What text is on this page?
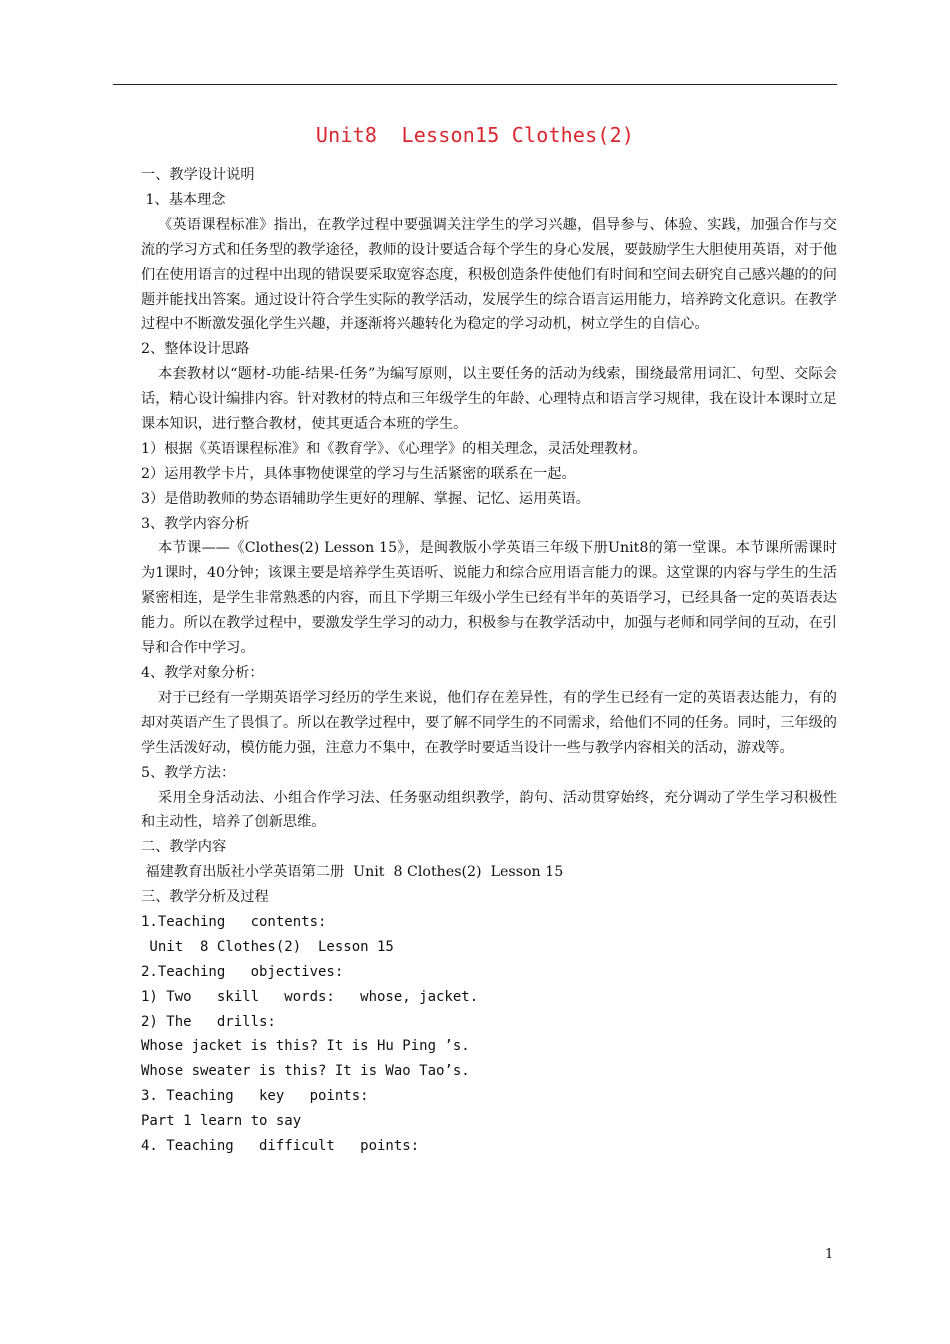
Unit8  Lesson15 Clothes(2)
一、教学设计说明
1、基本理念

《英语课程标准》指出，在教学过程中要强调关注学生的学习兴趣，倡导参与、体验、实践，加强合作与交流的学习方式和任务型的教学途径，教师的设计要适合每个学生的身心发展，要鼓励学生大胆使用英语，对于他们在使用语言的过程中出现的错误要采取宽容态度，积极创造条件使他们有时间和空间去研究自己感兴趣的的问题并能找出答案。通过设计符合学生实际的教学活动，发展学生的综合语言运用能力，培养跨文化意识。在教学过程中不断激发强化学生兴趣，并逐渐将兴趣转化为稳定的学习动机，树立学生的自信心。

2、整体设计思路

本套教材以“题材-功能-结果-任务”为编写原则，以主要任务的活动为线索，围绕最常用词汇、句型、交际会话，精心设计编排内容。针对教材的特点和三年级学生的年龄、心理特点和语言学习规律，我在设计本课时立足课本知识，进行整合教材，使其更适合本班的学生。

1）根据《英语课程标准》和《教育学》、《心理学》的相关理念，灵活处理教材。
2）运用教学卡片，具体事物使课堂的学习与生活紧密的联系在一起。
3）是借助教师的势态语辅助学生更好的理解、掌握、记忆、运用英语。
3、教学内容分析

本节课——《Clothes(2) Lesson 15》，是闽教版小学英语三年级下册Unit8的第一堂课。本节课所需课时为1课时，40分钟；该课主要是培养学生英语听、说能力和综合应用语言能力的课。这堂课的内容与学生的生活紧密相连，是学生非常熟悉的内容，而且下学期三年级小学生已经有半年的英语学习，已经具备一定的英语表达能力。所以在教学过程中，要激发学生学习的动力，积极参与在教学活动中，加强与老师和同学间的互动，在引导和合作中学习。

4、教学对象分析：

对于已经有一学期英语学习经历的学生来说，他们存在差异性，有的学生已经有一定的英语表达能力，有的却对英语产生了畏惧了。所以在教学过程中，要了解不同学生的不同需求，给他们不同的任务。同时，三年级的学生活泼好动，模仿能力强，注意力不集中，在教学时要适当设计一些与教学内容相关的活动，游戏等。

5、教学方法：

采用全身活动法、小组合作学习法、任务驱动组织教学，韵句、活动贯穿始终，充分调动了学生学习积极性和主动性，培养了创新思维。

二、教学内容
福建教育出版社小学英语第二册  Unit  8 Clothes(2)  Lesson 15
三、教学分析及过程
1.Teaching   contents:
Unit  8 Clothes(2)  Lesson 15
2.Teaching   objectives:
1) Two   skill   words:   whose, jacket.
2) The   drills:
Whose jacket is this? It is Hu Ping ’s.
Whose sweater is this? It is Wao Tao’s.
3. Teaching   key   points:
Part 1 learn to say
4. Teaching   difficult   points:
1
